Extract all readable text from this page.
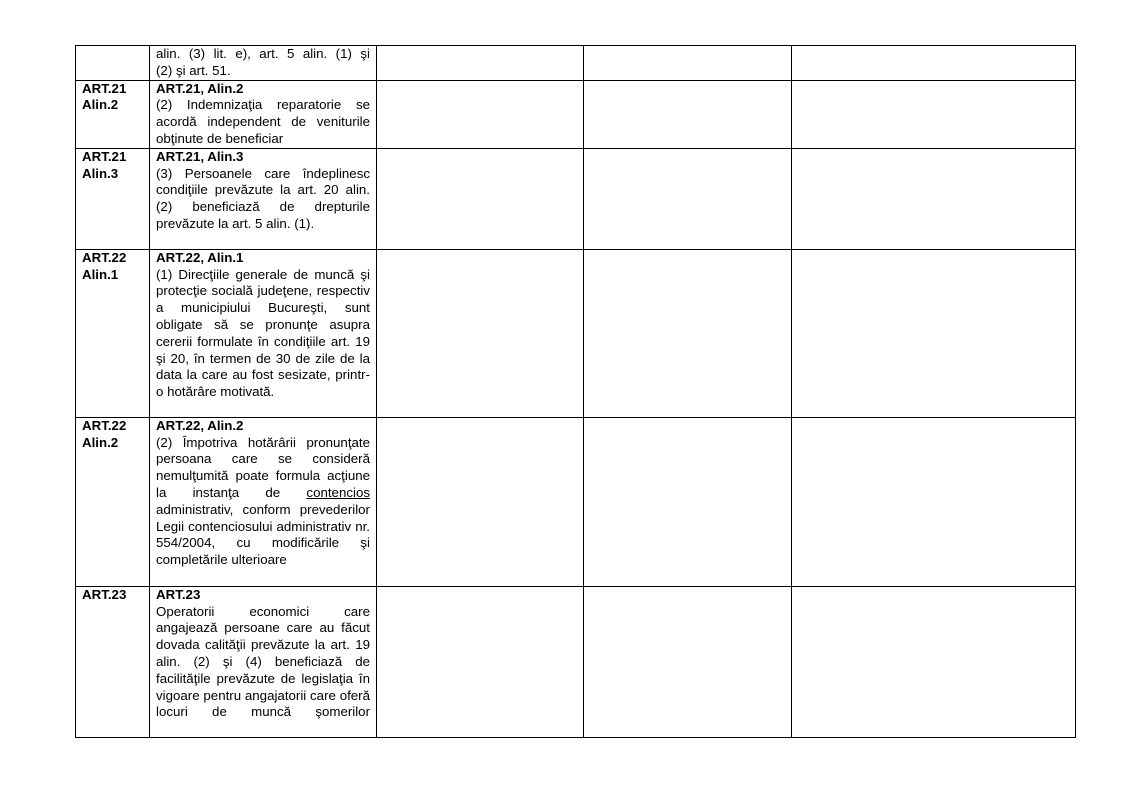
	alin. (3) lit. e), art. 5 alin. (1) şi
(2) şi art. 51.			

ART.21
Alin.2	ART.21, Alin.2
(2) Indemnizaţia reparatorie se acordă independent de veniturile obţinute de beneficiar			

ART.21
Alin.3	ART.21, Alin.3
(3) Persoanele care îndeplinesc condiţiile prevăzute la art. 20 alin. (2) beneficiază de drepturile prevăzute la art. 5 alin. (1).			

ART.22
Alin.1	ART.22, Alin.1
(1) Direcţiile generale de muncă şi protecţie socială judeţene, respectiv a municipiului Bucureşti, sunt obligate să se pronunţe asupra cererii formulate în condiţiile art. 19 şi 20, în termen de 30 de zile de la data la care au fost sesizate, printr-o hotărâre motivată.			

ART.22
Alin.2	ART.22, Alin.2
(2) Împotriva hotărârii pronunţate persoana care se consideră nemulţumită poate formula acţiune la instanţa de contencios administrativ, conform prevederilor Legii contenciosului administrativ nr. 554/2004, cu modificările şi completările ulterioare			

ART.23	ART.23
Operatorii economici care angajează persoane care au făcut dovada calităţii prevăzute la art. 19 alin. (2) şi (4) beneficiază de facilităţile prevăzute de legislaţia în vigoare pentru angajatorii care oferă locuri de muncă şomerilor			
